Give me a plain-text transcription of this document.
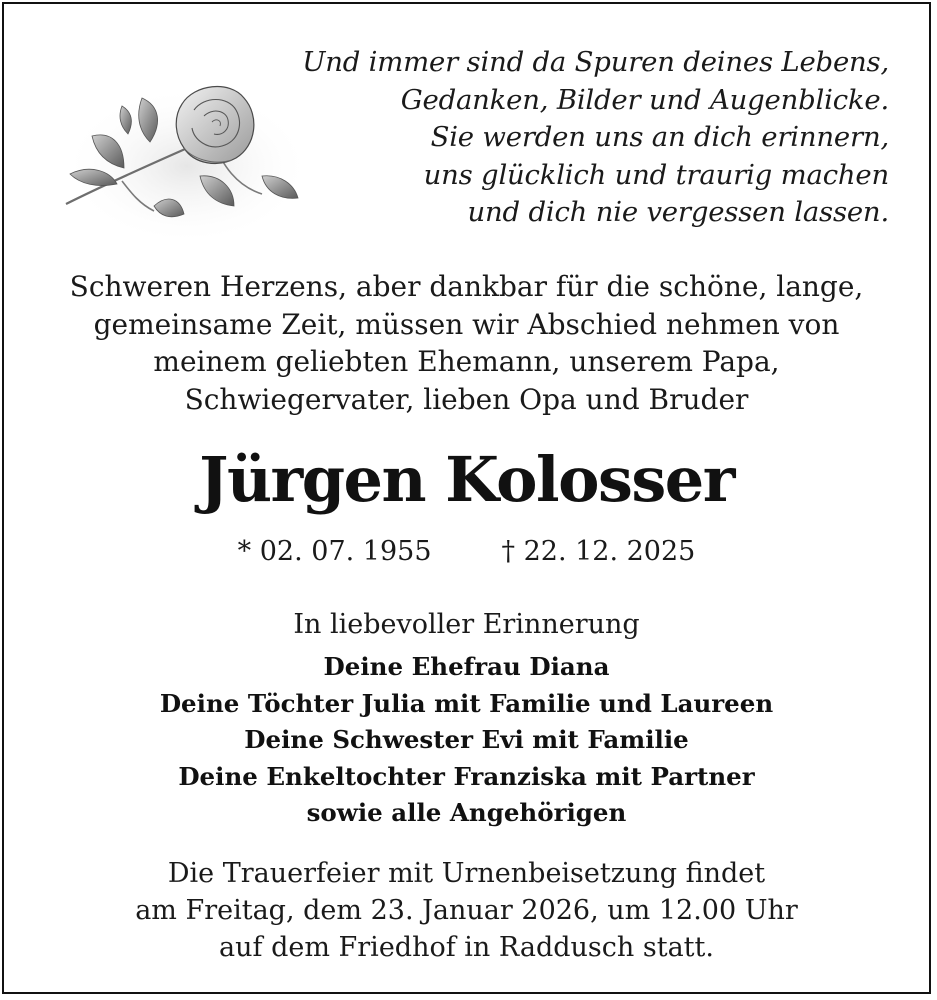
Und immer sind da Spuren deines Lebens,
Gedanken, Bilder und Augenblicke.
Sie werden uns an dich erinnern,
uns glücklich und traurig machen
und dich nie vergessen lassen.
Schweren Herzens, aber dankbar für die schöne, lange,
gemeinsame Zeit, müssen wir Abschied nehmen von
meinem geliebten Ehemann, unserem Papa,
Schwiegervater, lieben Opa und Bruder
Jürgen Kolosser
* 02. 07. 1955	† 22. 12. 2025
In liebevoller Erinnerung
Deine Ehefrau Diana
Deine Töchter Julia mit Familie und Laureen
Deine Schwester Evi mit Familie
Deine Enkeltochter Franziska mit Partner
sowie alle Angehörigen
Die Trauerfeier mit Urnenbeisetzung findet
am Freitag, dem 23. Januar 2026, um 12.00 Uhr
auf dem Friedhof in Raddusch statt.
